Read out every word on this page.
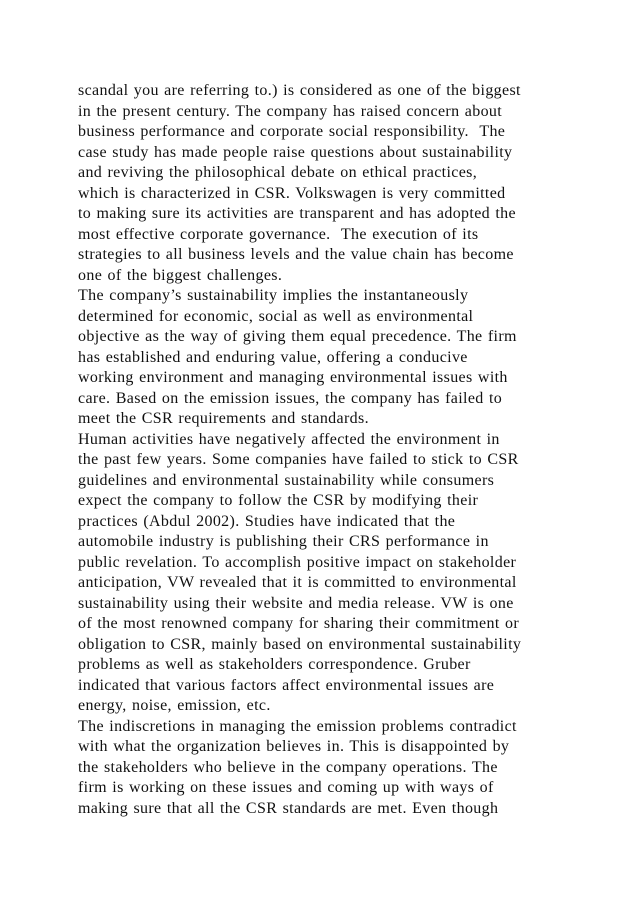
scandal you are referring to.) is considered as one of the biggest
in the present century. The company has raised concern about
business performance and corporate social responsibility.  The
case study has made people raise questions about sustainability
and reviving the philosophical debate on ethical practices,
which is characterized in CSR. Volkswagen is very committed
to making sure its activities are transparent and has adopted the
most effective corporate governance.  The execution of its
strategies to all business levels and the value chain has become
one of the biggest challenges.
The company’s sustainability implies the instantaneously
determined for economic, social as well as environmental
objective as the way of giving them equal precedence. The firm
has established and enduring value, offering a conducive
working environment and managing environmental issues with
care. Based on the emission issues, the company has failed to
meet the CSR requirements and standards.
Human activities have negatively affected the environment in
the past few years. Some companies have failed to stick to CSR
guidelines and environmental sustainability while consumers
expect the company to follow the CSR by modifying their
practices (Abdul 2002). Studies have indicated that the
automobile industry is publishing their CRS performance in
public revelation. To accomplish positive impact on stakeholder
anticipation, VW revealed that it is committed to environmental
sustainability using their website and media release. VW is one
of the most renowned company for sharing their commitment or
obligation to CSR, mainly based on environmental sustainability
problems as well as stakeholders correspondence. Gruber
indicated that various factors affect environmental issues are
energy, noise, emission, etc.
The indiscretions in managing the emission problems contradict
with what the organization believes in. This is disappointed by
the stakeholders who believe in the company operations. The
firm is working on these issues and coming up with ways of
making sure that all the CSR standards are met. Even though
